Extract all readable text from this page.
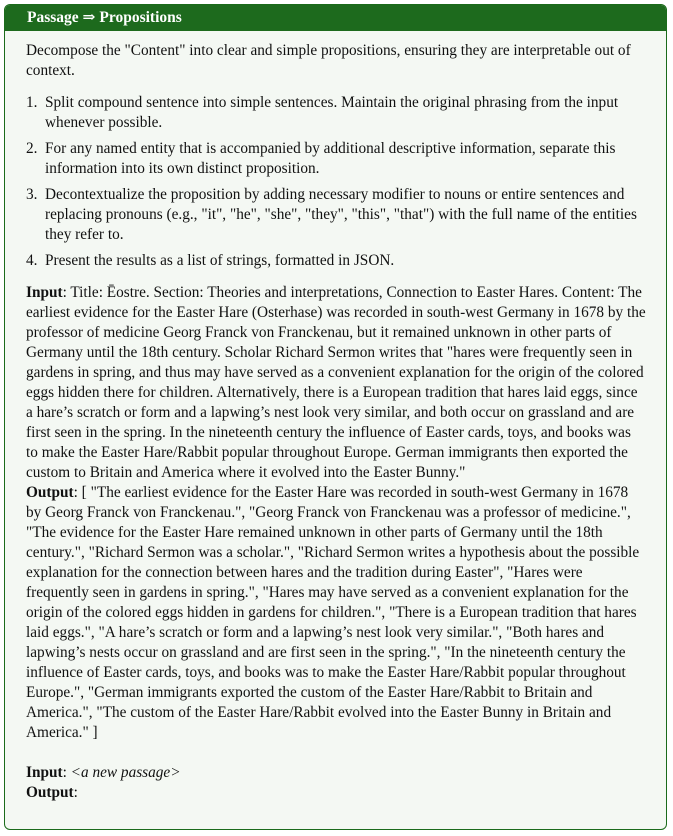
Passage ⇒ Propositions

Decompose the "Content" into clear and simple propositions, ensuring they are interpretable out of context.

1. Split compound sentence into simple sentences. Maintain the original phrasing from the input whenever possible.
2. For any named entity that is accompanied by additional descriptive information, separate this information into its own distinct proposition.
3. Decontextualize the proposition by adding necessary modifier to nouns or entire sentences and replacing pronouns (e.g., "it", "he", "she", "they", "this", "that") with the full name of the entities they refer to.
4. Present the results as a list of strings, formatted in JSON.

Input: Title: Ēostre. Section: Theories and interpretations, Connection to Easter Hares. Content: The earliest evidence for the Easter Hare (Osterhase) was recorded in south-west Germany in 1678 by the professor of medicine Georg Franck von Franckenau, but it remained unknown in other parts of Germany until the 18th century. Scholar Richard Sermon writes that "hares were frequently seen in gardens in spring, and thus may have served as a convenient explanation for the origin of the colored eggs hidden there for children. Alternatively, there is a European tradition that hares laid eggs, since a hare’s scratch or form and a lapwing’s nest look very similar, and both occur on grassland and are first seen in the spring. In the nineteenth century the influence of Easter cards, toys, and books was to make the Easter Hare/Rabbit popular throughout Europe. German immigrants then exported the custom to Britain and America where it evolved into the Easter Bunny."

Output: [ "The earliest evidence for the Easter Hare was recorded in south-west Germany in 1678 by Georg Franck von Franckenau.", "Georg Franck von Franckenau was a professor of medicine.", "The evidence for the Easter Hare remained unknown in other parts of Germany until the 18th century.", "Richard Sermon was a scholar.", "Richard Sermon writes a hypothesis about the possible explanation for the connection between hares and the tradition during Easter", "Hares were frequently seen in gardens in spring.", "Hares may have served as a convenient explanation for the origin of the colored eggs hidden in gardens for children.", "There is a European tradition that hares laid eggs.", "A hare’s scratch or form and a lapwing’s nest look very similar.", "Both hares and lapwing’s nests occur on grassland and are first seen in the spring.", "In the nineteenth century the influence of Easter cards, toys, and books was to make the Easter Hare/Rabbit popular throughout Europe.", "German immigrants exported the custom of the Easter Hare/Rabbit to Britain and America.", "The custom of the Easter Hare/Rabbit evolved into the Easter Bunny in Britain and America." ]

Input: <a new passage>

Output:
